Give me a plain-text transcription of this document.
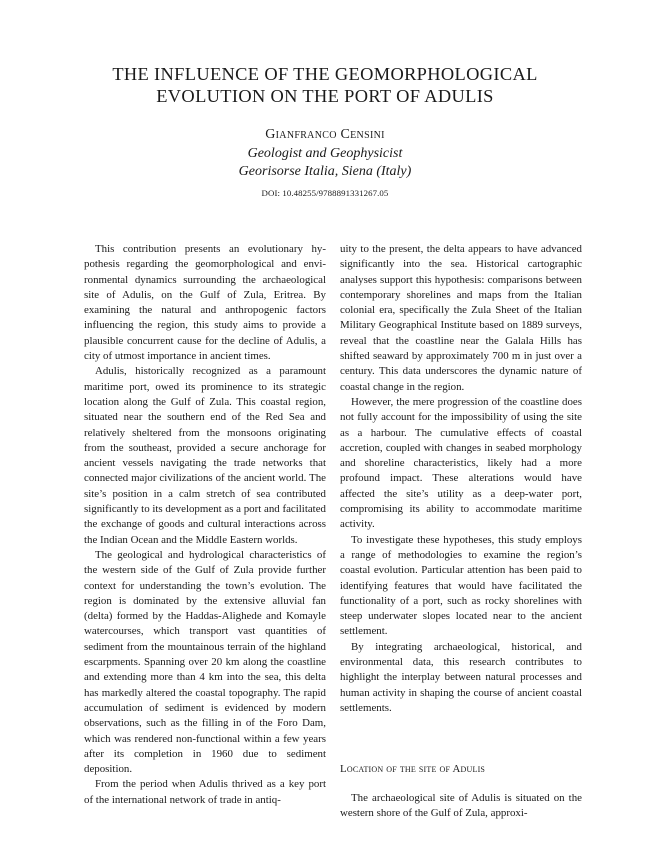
THE INFLUENCE OF THE GEOMORPHOLOGICAL
EVOLUTION ON THE PORT OF ADULIS
Gianfranco Censini
Geologist and Geophysicist
Georisorse Italia, Siena (Italy)
DOI: 10.48255/9788891331267.05

This contribution presents an evolutionary hypothesis regarding the geomorphological and environmental dynamics surrounding the archaeological site of Adulis, on the Gulf of Zula, Eritrea. By examining the natural and anthropogenic factors influencing the region, this study aims to provide a plausible concurrent cause for the decline of Adulis, a city of utmost importance in ancient times.

Adulis, historically recognized as a paramount maritime port, owed its prominence to its strategic location along the Gulf of Zula. This coastal region, situated near the southern end of the Red Sea and relatively sheltered from the monsoons originating from the southeast, provided a secure anchorage for ancient vessels navigating the trade networks that connected major civilizations of the ancient world. The site’s position in a calm stretch of sea contributed significantly to its development as a port and facilitated the exchange of goods and cultural interactions across the Indian Ocean and the Middle Eastern worlds.

The geological and hydrological characteristics of the western side of the Gulf of Zula provide further context for understanding the town’s evolution. The region is dominated by the extensive alluvial fan (delta) formed by the Haddas-Alighede and Komayle watercourses, which transport vast quantities of sediment from the mountainous terrain of the highland escarpments. Spanning over 20 km along the coastline and extending more than 4 km into the sea, this delta has markedly altered the coastal topography. The rapid accumulation of sediment is evidenced by modern observations, such as the filling in of the Foro Dam, which was rendered non-functional within a few years after its completion in 1960 due to sediment deposition.

From the period when Adulis thrived as a key port of the international network of trade in antiq-

uity to the present, the delta appears to have advanced significantly into the sea. Historical cartographic analyses support this hypothesis: comparisons between contemporary shorelines and maps from the Italian colonial era, specifically the Zula Sheet of the Italian Military Geographical Institute based on 1889 surveys, reveal that the coastline near the Galala Hills has shifted seaward by approximately 700 m in just over a century. This data underscores the dynamic nature of coastal change in the region.

However, the mere progression of the coastline does not fully account for the impossibility of using the site as a harbour. The cumulative effects of coastal accretion, coupled with changes in seabed morphology and shoreline characteristics, likely had a more profound impact. These alterations would have affected the site’s utility as a deep-water port, compromising its ability to accommodate maritime activity.

To investigate these hypotheses, this study employs a range of methodologies to examine the region’s coastal evolution. Particular attention has been paid to identifying features that would have facilitated the functionality of a port, such as rocky shorelines with steep underwater slopes located near to the ancient settlement.

By integrating archaeological, historical, and environmental data, this research contributes to highlight the interplay between natural processes and human activity in shaping the course of ancient coastal settlements.

Location of the site of Adulis

The archaeological site of Adulis is situated on the western shore of the Gulf of Zula, approxi-
